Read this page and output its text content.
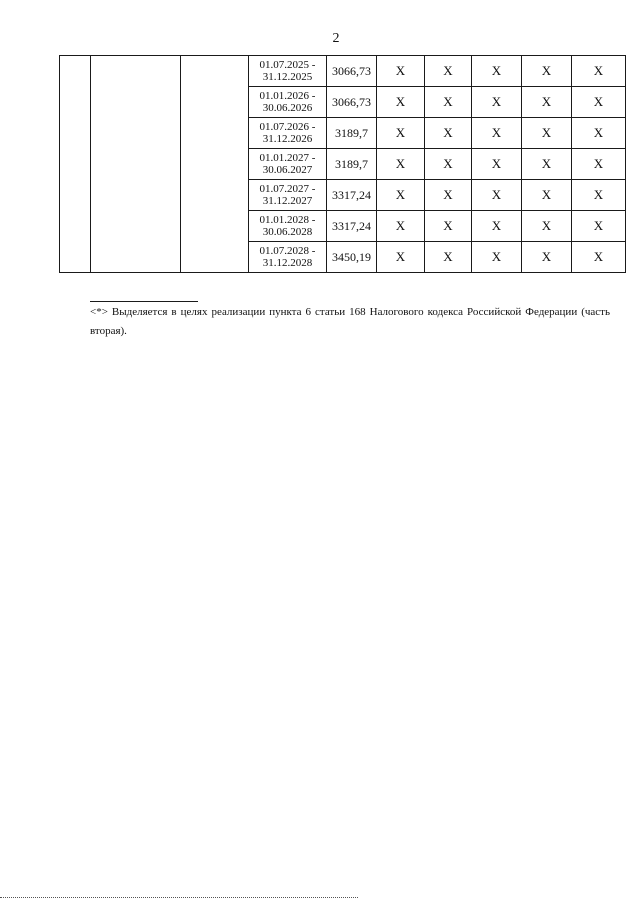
2

			01.07.2025 -
31.12.2025	3066,73	X	X	X	X	X

			01.01.2026 -
30.06.2026	3066,73	X	X	X	X	X

			01.07.2026 -
31.12.2026	3189,7	X	X	X	X	X

			01.01.2027 -
30.06.2027	3189,7	X	X	X	X	X

			01.07.2027 -
31.12.2027	3317,24	X	X	X	X	X

			01.01.2028 -
30.06.2028	3317,24	X	X	X	X	X

			01.07.2028 -
31.12.2028	3450,19	X	X	X	X	X
<*> Выделяется в целях реализации пункта 6 статьи 168 Налогового кодекса Российской Федерации (часть вторая).
